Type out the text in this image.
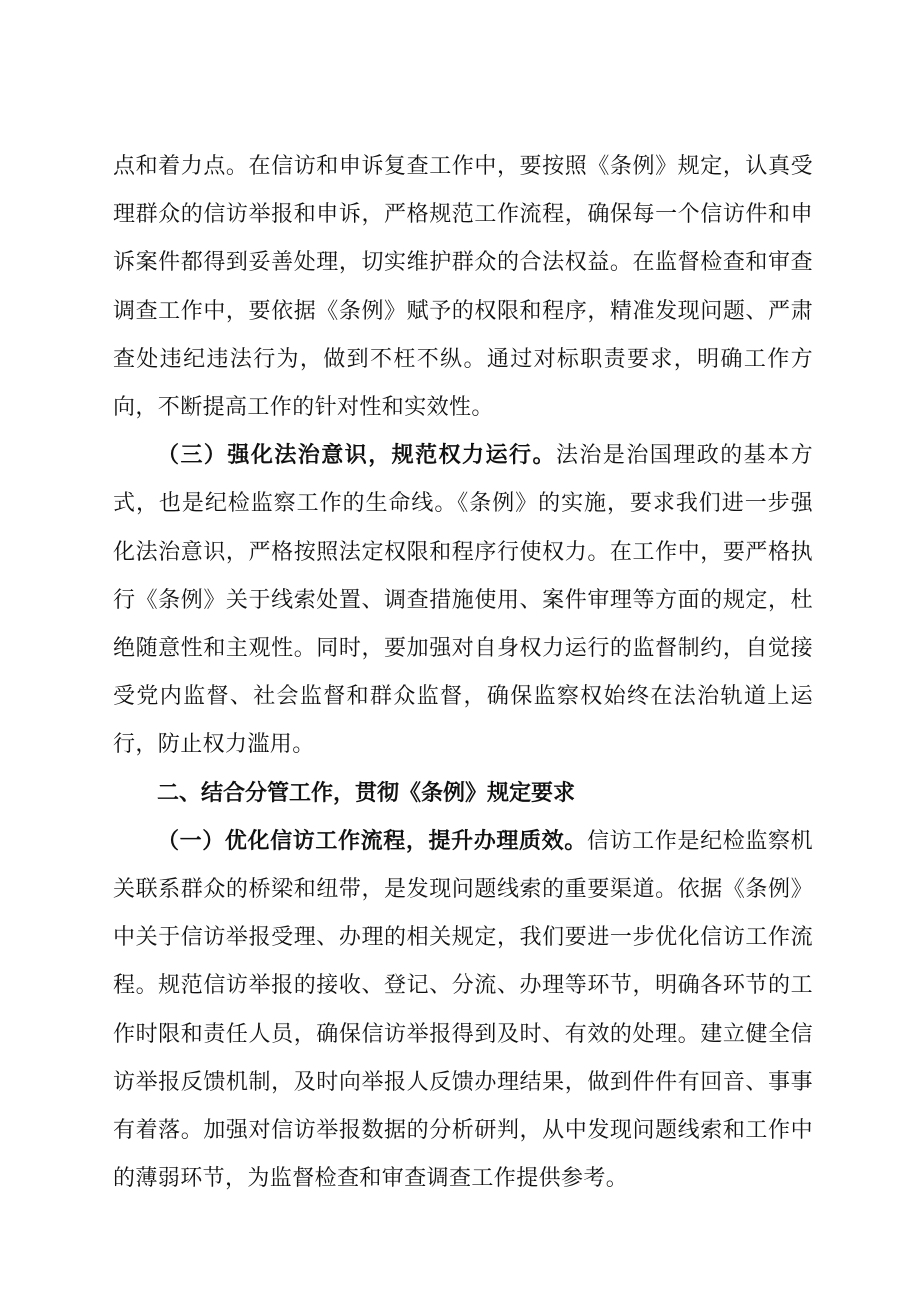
点和着力点。在信访和申诉复查工作中，要按照《条例》规定，认真受理群众的信访举报和申诉，严格规范工作流程，确保每一个信访件和申诉案件都得到妥善处理，切实维护群众的合法权益。在监督检查和审查调查工作中，要依据《条例》赋予的权限和程序，精准发现问题、严肃查处违纪违法行为，做到不枉不纵。通过对标职责要求，明确工作方向，不断提高工作的针对性和实效性。

（三）强化法治意识，规范权力运行。法治是治国理政的基本方式，也是纪检监察工作的生命线。《条例》的实施，要求我们进一步强化法治意识，严格按照法定权限和程序行使权力。在工作中，要严格执行《条例》关于线索处置、调查措施使用、案件审理等方面的规定，杜绝随意性和主观性。同时，要加强对自身权力运行的监督制约，自觉接受党内监督、社会监督和群众监督，确保监察权始终在法治轨道上运行，防止权力滥用。

二、结合分管工作，贯彻《条例》规定要求

（一）优化信访工作流程，提升办理质效。信访工作是纪检监察机关联系群众的桥梁和纽带，是发现问题线索的重要渠道。依据《条例》中关于信访举报受理、办理的相关规定，我们要进一步优化信访工作流程。规范信访举报的接收、登记、分流、办理等环节，明确各环节的工作时限和责任人员，确保信访举报得到及时、有效的处理。建立健全信访举报反馈机制，及时向举报人反馈办理结果，做到件件有回音、事事有着落。加强对信访举报数据的分析研判，从中发现问题线索和工作中的薄弱环节，为监督检查和审查调查工作提供参考。
